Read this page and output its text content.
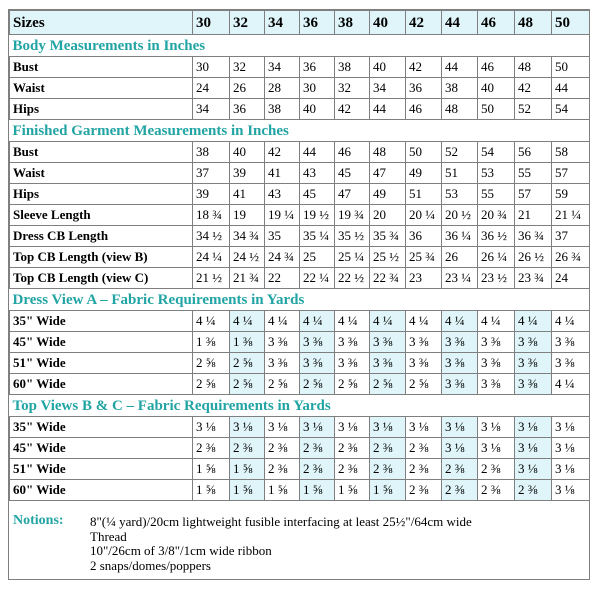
Sizes	30	32	34	36	38	40	42	44	46	48	50
Body Measurements in Inches											
Bust	30	32	34	36	38	40	42	44	46	48	50
Waist	24	26	28	30	32	34	36	38	40	42	44
Hips	34	36	38	40	42	44	46	48	50	52	54
Finished Garment Measurements in Inches											
Bust	38	40	42	44	46	48	50	52	54	56	58
Waist	37	39	41	43	45	47	49	51	53	55	57
Hips	39	41	43	45	47	49	51	53	55	57	59
Sleeve Length	18 ¾	19	19 ¼	19 ½	19 ¾	20	20 ¼	20 ½	20 ¾	21	21 ¼
Dress CB Length	34 ½	34 ¾	35	35 ¼	35 ½	35 ¾	36	36 ¼	36 ½	36 ¾	37
Top CB Length (view B)	24 ¼	24 ½	24 ¾	25	25 ¼	25 ½	25 ¾	26	26 ¼	26 ½	26 ¾
Top CB Length (view C)	21 ½	21 ¾	22	22 ¼	22 ½	22 ¾	23	23 ¼	23 ½	23 ¾	24
Dress View A – Fabric Requirements in Yards											
35" Wide	4 ¼	4 ¼	4 ¼	4 ¼	4 ¼	4 ¼	4 ¼	4 ¼	4 ¼	4 ¼	4 ¼
45" Wide	1 ⅜	1 ⅜	3 ⅜	3 ⅜	3 ⅜	3 ⅜	3 ⅜	3 ⅜	3 ⅜	3 ⅜	3 ⅜
51" Wide	2 ⅝	2 ⅝	3 ⅜	3 ⅜	3 ⅜	3 ⅜	3 ⅜	3 ⅜	3 ⅜	3 ⅜	3 ⅜
60" Wide	2 ⅝	2 ⅝	2 ⅝	2 ⅝	2 ⅝	2 ⅝	2 ⅝	3 ⅜	3 ⅜	3 ⅜	4 ¼
Top Views B & C – Fabric Requirements in Yards											
35" Wide	3 ⅛	3 ⅛	3 ⅛	3 ⅛	3 ⅛	3 ⅛	3 ⅛	3 ⅛	3 ⅛	3 ⅛	3 ⅛
45" Wide	2 ⅜	2 ⅜	2 ⅜	2 ⅜	2 ⅜	2 ⅜	2 ⅜	3 ⅛	3 ⅛	3 ⅛	3 ⅛
51" Wide	1 ⅝	1 ⅝	2 ⅜	2 ⅜	2 ⅜	2 ⅜	2 ⅜	2 ⅜	2 ⅜	3 ⅛	3 ⅛
60" Wide	1 ⅝	1 ⅝	1 ⅝	1 ⅝	1 ⅝	1 ⅝	2 ⅜	2 ⅜	2 ⅜	2 ⅜	3 ⅛
Notions: 8"(¼ yard)/20cm lightweight fusible interfacing at least 25½"/64cm wide
Thread
10"/26cm of 3/8"/1cm wide ribbon
2 snaps/domes/poppers
